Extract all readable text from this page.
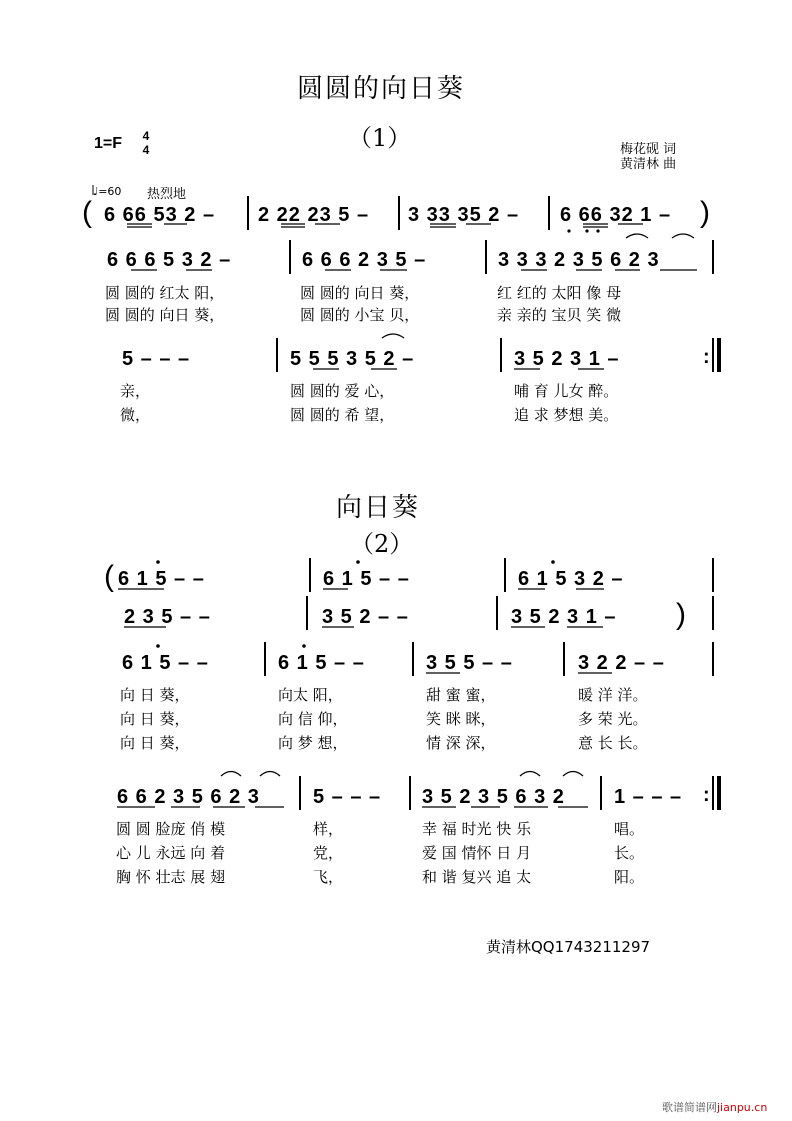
圆圆的向日葵
（1）
1=F	4
4	梅花砚 词
黄清林 曲
♩=60 热烈地
( 6 66 53 2 – 2 22 23 5 – 3 33 35 2 – 6 66 32 1 – )
6 6 6 5 3 2 –	6 6 6 2 3 5 –	3 3 3 2 3 5 6 2 3
圆 圆的 红太 阳，	圆 圆的 向日 葵，	红 红的 太阳 像 母
圆 圆的 向日 葵，	圆 圆的 小宝 贝，	亲 亲的 宝贝 笑 微
5 – – –	5 5 5 3 5 2 –	3 5 2 3 1 –	:
亲，	圆 圆的 爱 心，	哺 育 儿女 醉。
微，	圆 圆的 希 望，	追 求 梦想 美。
向日葵
（2）
( 6 1 5 – –	6 1 5 – –	6 1 5 3 2 –
2 3 5 – –	3 5 2 – –	3 5 2 3 1 – )
6 1 5 – –	6 1 5 – –	3 5 5 – –	3 2 2 – –
向 日 葵，	向太 阳，	甜 蜜 蜜，	暖 洋 洋。
向 日 葵，	向 信 仰，	笑 眯 眯，	多 荣 光。
向 日 葵，	向 梦 想，	情 深 深，	意 长 长。
6 6 2 3 5 6 2 3	5 – – – 3 5 2 3 5 6 3 2 1 – – – :
圆 圆 脸庞 俏 模	样，	幸 福 时光 快 乐	唱。
心 儿 永远 向 着	党，	爱 国 情怀 日 月	长。
胸 怀 壮志 展 翅	飞，	和 谐 复兴 追 太	阳。
黄清林QQ1743211297
歌谱简谱网jianpu.cn
